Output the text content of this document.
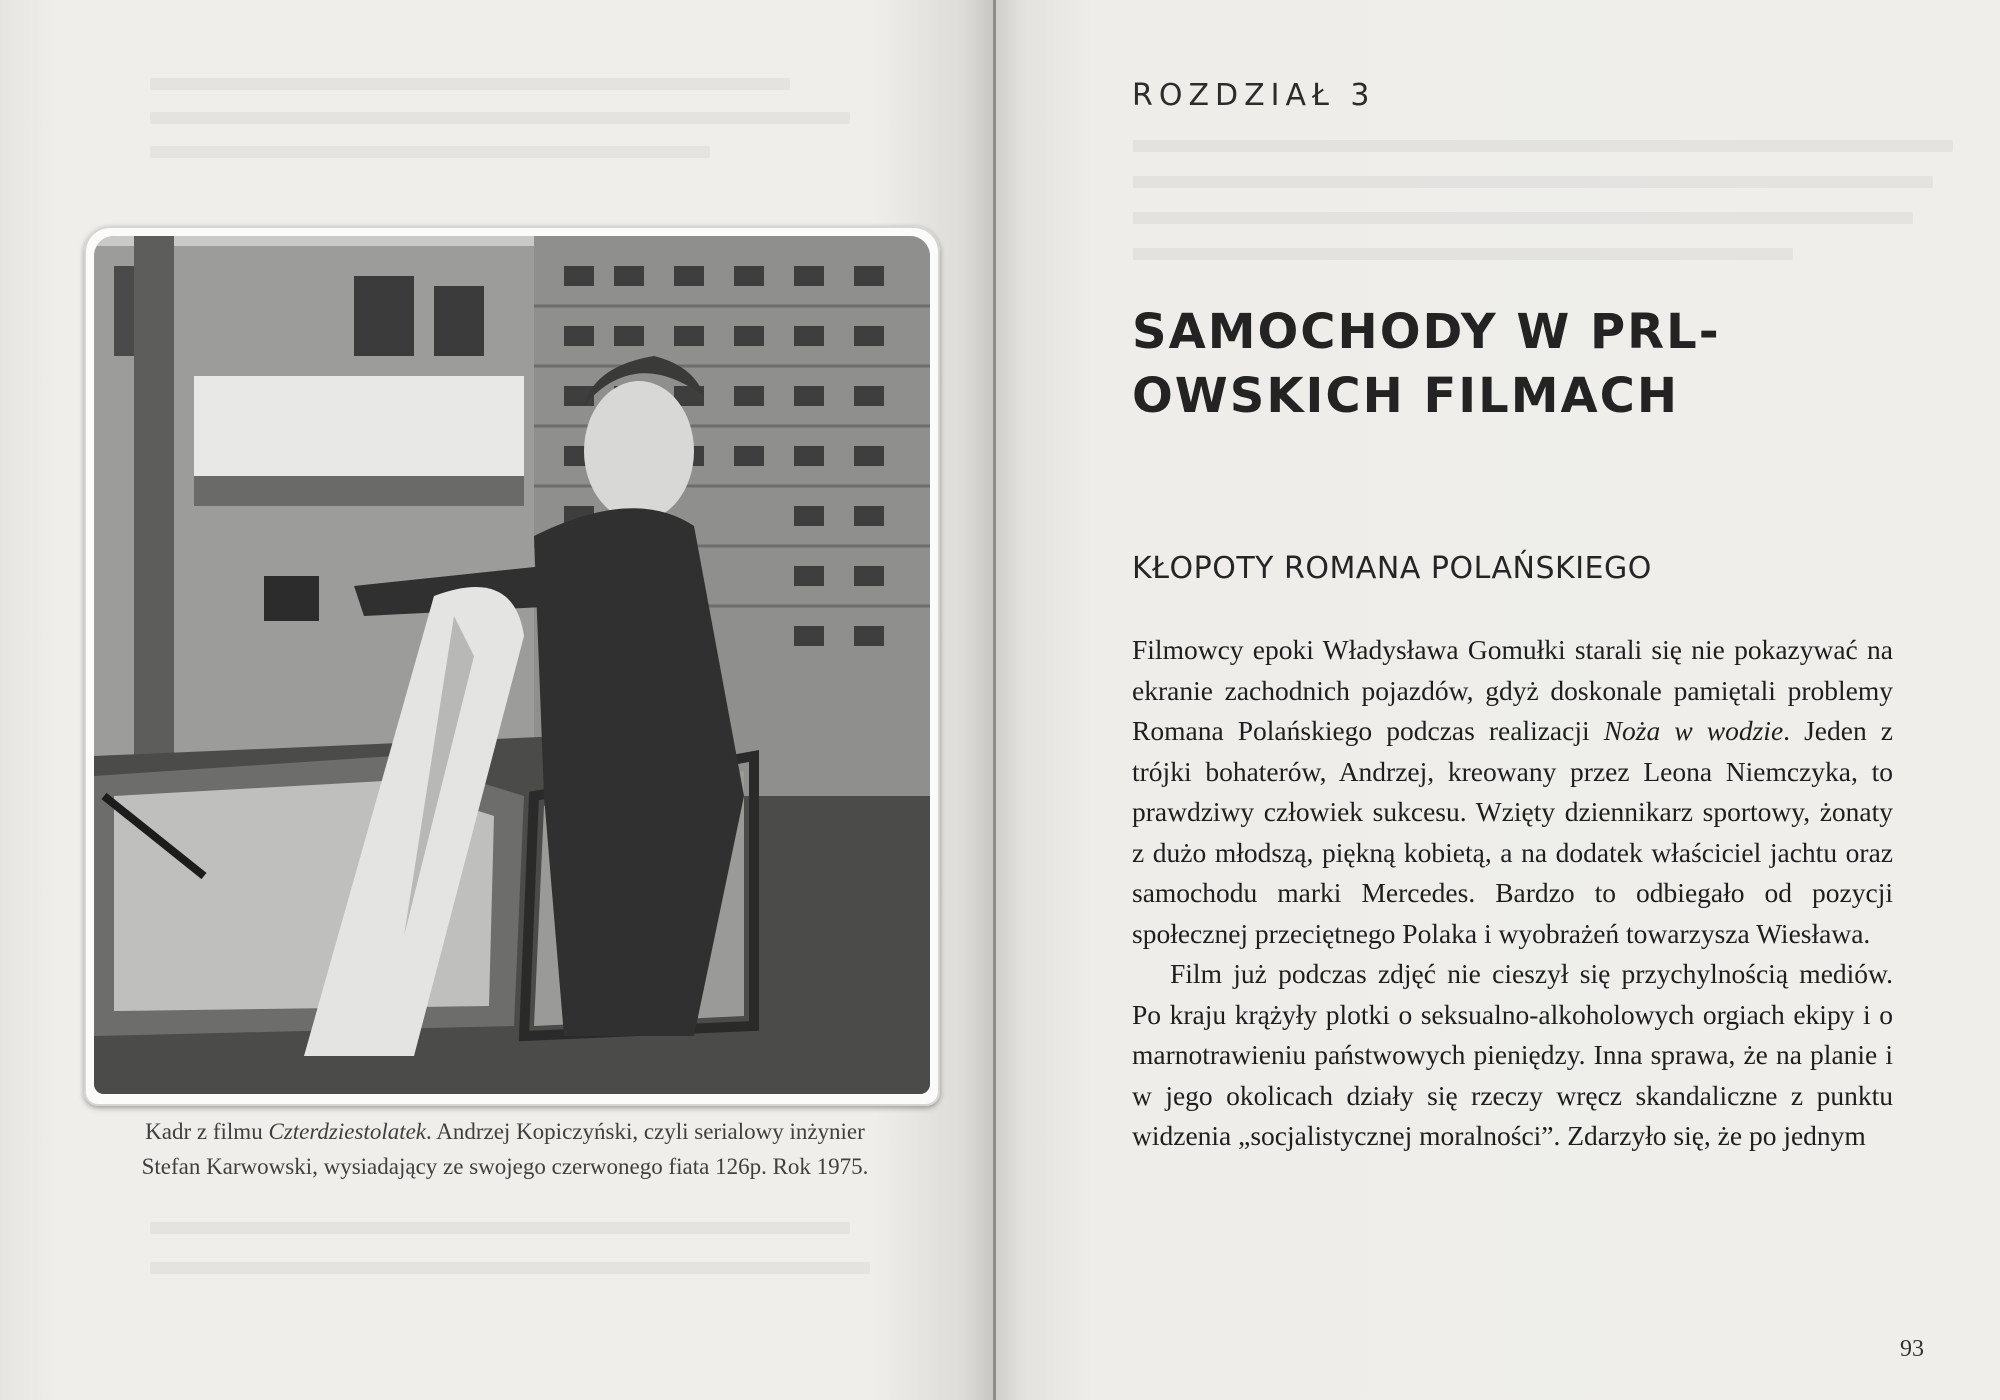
Kadr z filmu Czterdziestolatek. Andrzej Kopiczyński, czyli serialowy inżynier Stefan Karwowski, wysiadający ze swojego czerwonego fiata 126p. Rok 1975.
ROZDZIAŁ 3
SAMOCHODY W PRL-OWSKICH FILMACH
KŁOPOTY ROMANA POLAŃSKIEGO

Filmowcy epoki Władysława Gomułki starali się nie pokazywać na ekranie zachodnich pojazdów, gdyż doskonale pamiętali problemy Romana Polańskiego podczas realizacji Noża w wodzie. Jeden z trójki bohaterów, Andrzej, kreowany przez Leona Niemczyka, to prawdziwy człowiek sukcesu. Wzięty dziennikarz sportowy, żonaty z dużo młodszą, piękną kobietą, a na dodatek właściciel jachtu oraz samochodu marki Mercedes. Bardzo to odbiegało od pozycji społecznej przeciętnego Polaka i wyobrażeń towarzysza Wiesława.

Film już podczas zdjęć nie cieszył się przychylnością mediów. Po kraju krążyły plotki o seksualno-alkoholowych orgiach ekipy i o marnotrawieniu państwowych pieniędzy. Inna sprawa, że na planie i w jego okolicach działy się rzeczy wręcz skandaliczne z punktu widzenia „socjalistycznej moralności”. Zdarzyło się, że po jednym

93
